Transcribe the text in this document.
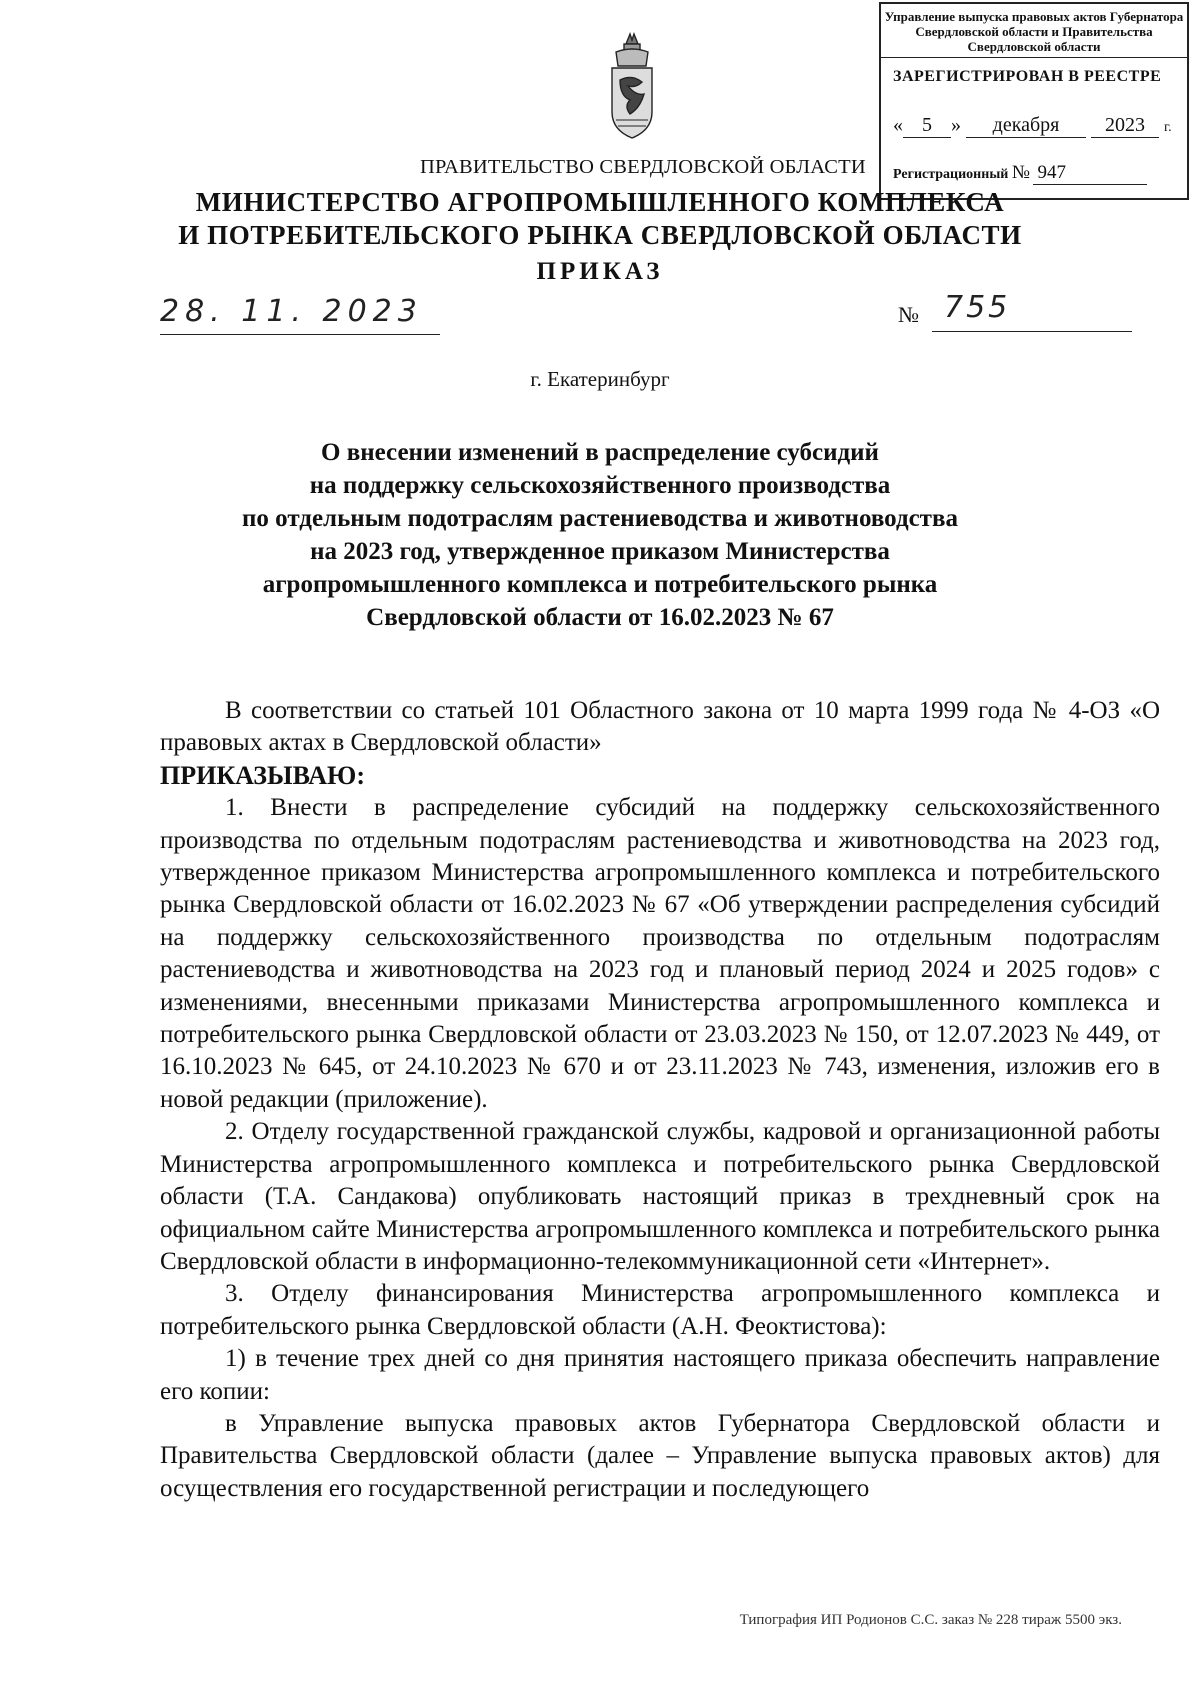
Управление выпуска правовых актов Губернатора Свердловской области и Правительства Свердловской области
ЗАРЕГИСТРИРОВАН В РЕЕСТРЕ
« 5 » декабря 2023 г.
Регистрационный № 947
ПРАВИТЕЛЬСТВО СВЕРДЛОВСКОЙ ОБЛАСТИ
МИНИСТЕРСТВО АГРОПРОМЫШЛЕННОГО КОМПЛЕКСА
И ПОТРЕБИТЕЛЬСКОГО РЫНКА СВЕРДЛОВСКОЙ ОБЛАСТИ
ПРИКАЗ
28. 11. 2023	№ 755
г. Екатеринбург
О внесении изменений в распределение субсидий
на поддержку сельскохозяйственного производства
по отдельным подотраслям растениеводства и животноводства
на 2023 год, утвержденное приказом Министерства
агропромышленного комплекса и потребительского рынка
Свердловской области от 16.02.2023 № 67

В соответствии со статьей 101 Областного закона от 10 марта 1999 года № 4-ОЗ «О правовых актах в Свердловской области»

ПРИКАЗЫВАЮ:

1. Внести в распределение субсидий на поддержку сельскохозяйственного производства по отдельным подотраслям растениеводства и животноводства на 2023 год, утвержденное приказом Министерства агропромышленного комплекса и потребительского рынка Свердловской области от 16.02.2023 № 67 «Об утверждении распределения субсидий на поддержку сельскохозяйственного производства по отдельным подотраслям растениеводства и животноводства на 2023 год и плановый период 2024 и 2025 годов» с изменениями, внесенными приказами Министерства агропромышленного комплекса и потребительского рынка Свердловской области от 23.03.2023 № 150, от 12.07.2023 № 449, от 16.10.2023 № 645, от 24.10.2023 № 670 и от 23.11.2023 № 743, изменения, изложив его в новой редакции (приложение).

2. Отделу государственной гражданской службы, кадровой и организационной работы Министерства агропромышленного комплекса и потребительского рынка Свердловской области (Т.А. Сандакова) опубликовать настоящий приказ в трехдневный срок на официальном сайте Министерства агропромышленного комплекса и потребительского рынка Свердловской области в информационно-телекоммуникационной сети «Интернет».

3. Отделу финансирования Министерства агропромышленного комплекса и потребительского рынка Свердловской области (А.Н. Феоктистова):

1) в течение трех дней со дня принятия настоящего приказа обеспечить направление его копии:

в Управление выпуска правовых актов Губернатора Свердловской области и Правительства Свердловской области (далее – Управление выпуска правовых актов) для осуществления его государственной регистрации и последующего

Типография ИП Родионов С.С. заказ № 228 тираж 5500 экз.
